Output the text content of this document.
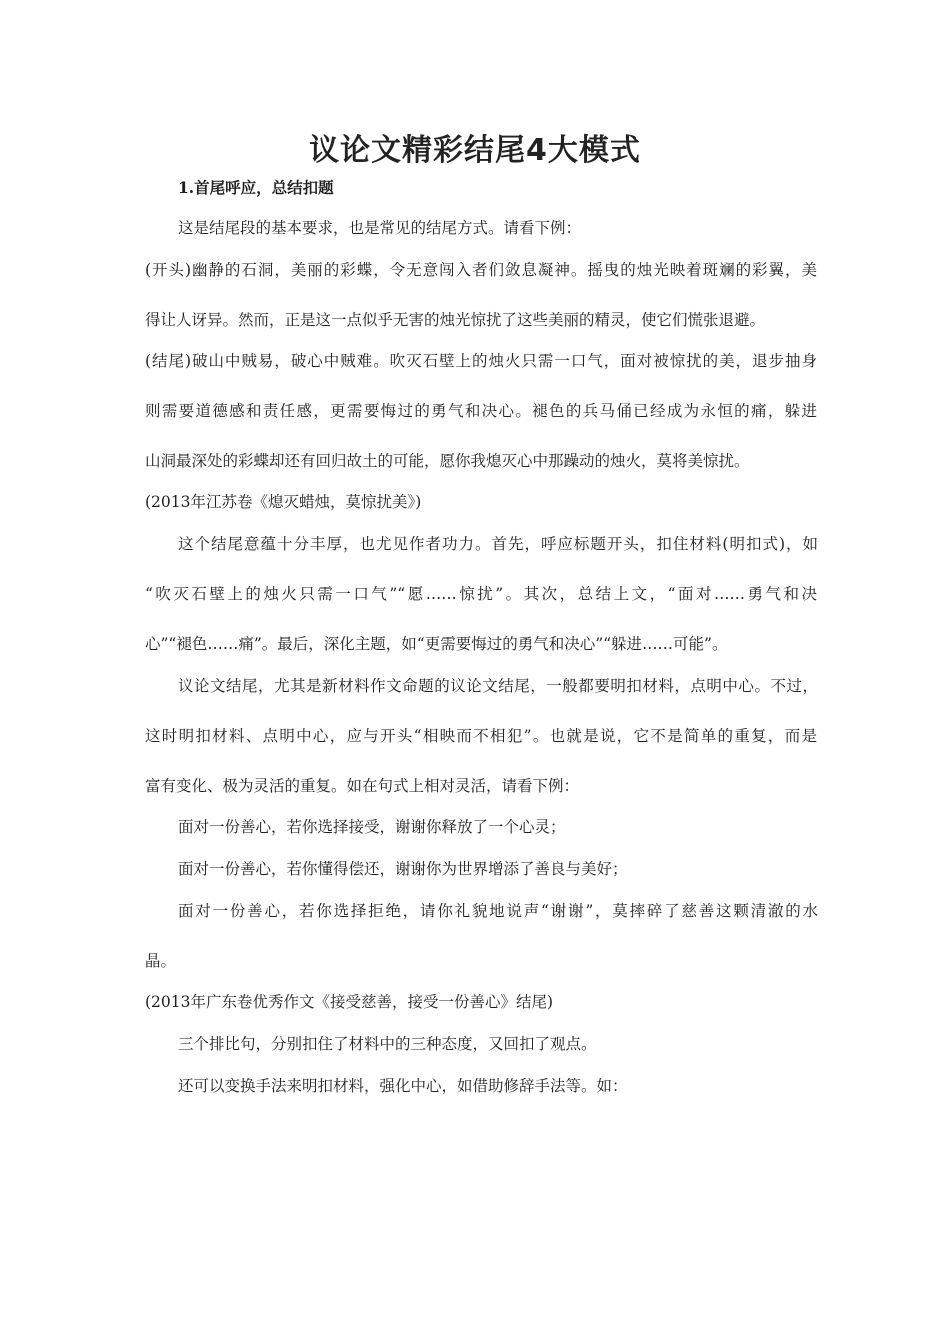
议论文精彩结尾4大模式
1.首尾呼应，总结扣题
这是结尾段的基本要求，也是常见的结尾方式。请看下例：
(开头)幽静的石洞，美丽的彩蝶，令无意闯入者们敛息凝神。摇曳的烛光映着斑斓的彩翼，美
得让人讶异。然而，正是这一点似乎无害的烛光惊扰了这些美丽的精灵，使它们慌张退避。
(结尾)破山中贼易，破心中贼难。吹灭石壁上的烛火只需一口气，面对被惊扰的美，退步抽身
则需要道德感和责任感，更需要悔过的勇气和决心。褪色的兵马俑已经成为永恒的痛，躲进
山洞最深处的彩蝶却还有回归故土的可能，愿你我熄灭心中那躁动的烛火，莫将美惊扰。
(2013年江苏卷《熄灭蜡烛，莫惊扰美》)
这个结尾意蕴十分丰厚，也尤见作者功力。首先，呼应标题开头，扣住材料(明扣式)，如
“吹灭石壁上的烛火只需一口气”“愿……惊扰”。其次，总结上文，“面对……勇气和决
心”“褪色……痛”。最后，深化主题，如“更需要悔过的勇气和决心”“躲进……可能”。
议论文结尾，尤其是新材料作文命题的议论文结尾，一般都要明扣材料，点明中心。不过，
这时明扣材料、点明中心，应与开头“相映而不相犯”。也就是说，它不是简单的重复，而是
富有变化、极为灵活的重复。如在句式上相对灵活，请看下例：
面对一份善心，若你选择接受，谢谢你释放了一个心灵；
面对一份善心，若你懂得偿还，谢谢你为世界增添了善良与美好；
面对一份善心，若你选择拒绝，请你礼貌地说声“谢谢”，莫摔碎了慈善这颗清澈的水
晶。
(2013年广东卷优秀作文《接受慈善，接受一份善心》结尾)
三个排比句，分别扣住了材料中的三种态度，又回扣了观点。
还可以变换手法来明扣材料，强化中心，如借助修辞手法等。如：
